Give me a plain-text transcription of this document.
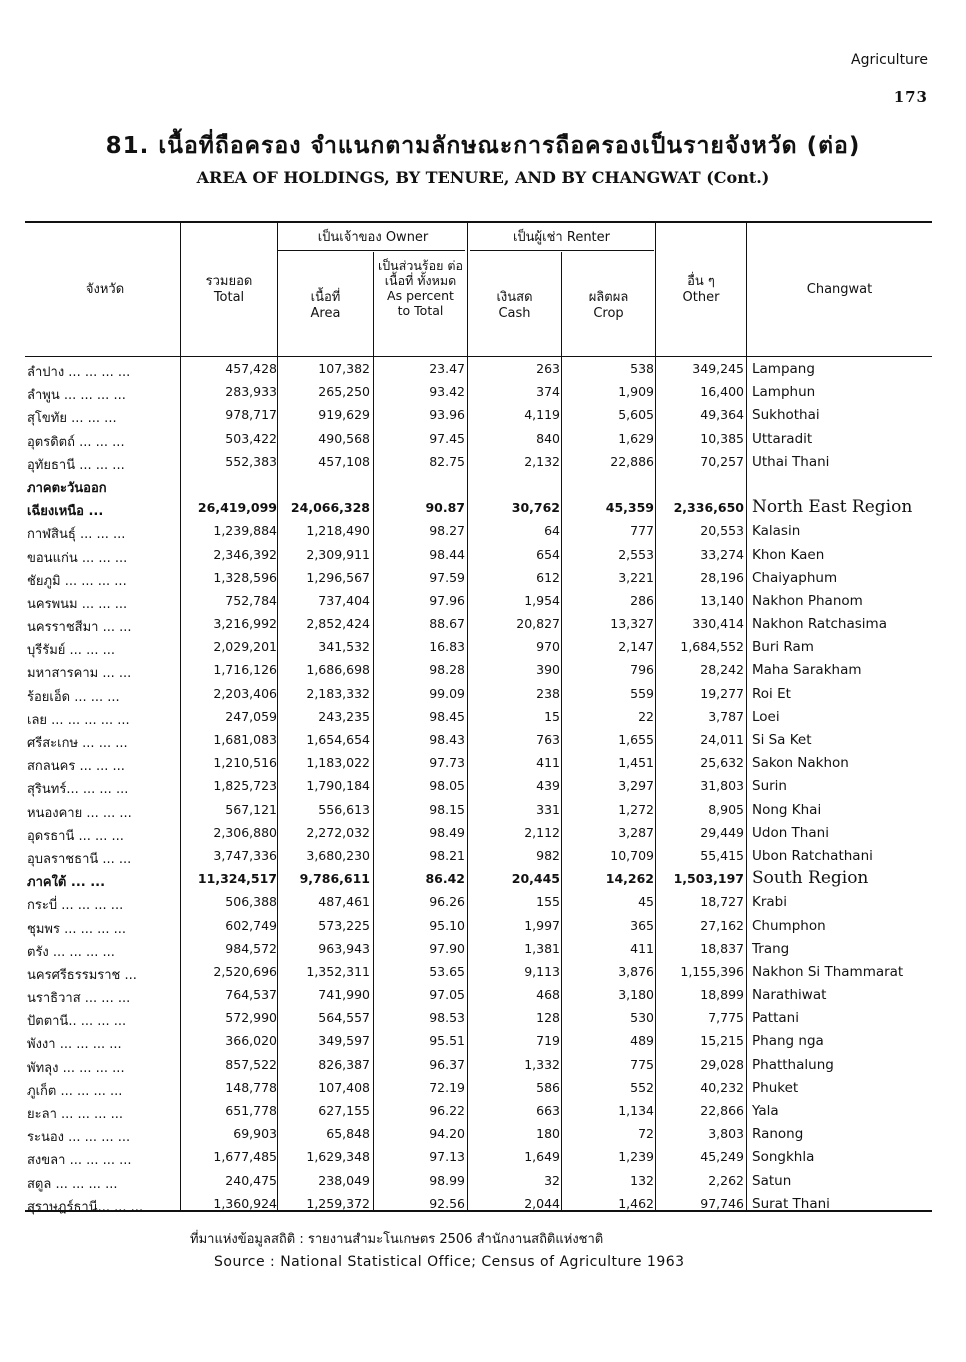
Agriculture
173
81. เนื้อที่ถือครอง จำแนกตามลักษณะการถือครองเป็นรายจังหวัด (ต่อ)
AREA OF HOLDINGS, BY TENURE, AND BY CHANGWAT (Cont.)
จังหวัด
รวมยอด
Total
เป็นเจ้าของ Owner
เนื้อที่
Area
เป็นส่วนร้อย ต่อเนื้อที่ ทั้งหมด
As percent
to Total
เป็นผู้เช่า Renter
เงินสด
Cash
ผลิตผล
Crop
อื่น ๆ
Other
Changwat
ลำปาง ... ... ... ...	457,428	107,382	23.47	263	538	349,245 Lampang
ลำพูน ... ... ... ...	283,933	265,250	93.42	374	1,909	16,400 Lamphun
สุโขทัย ... ... ...	978,717	919,629	93.96	4,119	5,605	49,364 Sukhothai
อุตรดิตถ์ ... ... ...	503,422	490,568	97.45	840	1,629	10,385 Uttaradit
อุทัยธานี ... ... ...	552,383	457,108	82.75	2,132	22,886	70,257 Uthai Thani
ภาคตะวันออก
เฉียงเหนือ ...	26,419,099 24,066,328	90.87	30,762	45,359 2,336,650 North East Region
กาฬสินธุ์ ... ... ...	1,239,884 1,218,490	98.27	64	777	20,553 Kalasin
ขอนแก่น ... ... ...	2,346,392 2,309,911	98.44	654	2,553	33,274 Khon Kaen
ชัยภูมิ ... ... ... ...	1,328,596 1,296,567	97.59	612	3,221	28,196 Chaiyaphum
นครพนม ... ... ...	752,784	737,404	97.96	1,954	286	13,140 Nakhon Phanom
นครราชสีมา ... ...	3,216,992 2,852,424	88.67	20,827	13,327	330,414 Nakhon Ratchasima
บุรีรัมย์ ... ... ...	2,029,201	341,532	16.83	970	2,147 1,684,552 Buri Ram
มหาสารคาม ... ...	1,716,126 1,686,698	98.28	390	796	28,242 Maha Sarakham
ร้อยเอ็ด ... ... ...	2,203,406 2,183,332	99.09	238	559	19,277 Roi Et
เลย ... ... ... ... ...	247,059	243,235	98.45	15	22	3,787 Loei
ศรีสะเกษ ... ... ...	1,681,083 1,654,654	98.43	763	1,655	24,011 Si Sa Ket
สกลนคร ... ... ...	1,210,516 1,183,022	97.73	411	1,451	25,632 Sakon Nakhon
สุรินทร์... ... ... ...	1,825,723 1,790,184	98.05	439	3,297	31,803 Surin
หนองคาย ... ... ...	567,121	556,613	98.15	331	1,272	8,905 Nong Khai
อุดรธานี ... ... ...	2,306,880 2,272,032	98.49	2,112	3,287	29,449 Udon Thani
อุบลราชธานี ... ...	3,747,336 3,680,230	98.21	982	10,709	55,415 Ubon Ratchathani
ภาคใต้ ... ...	11,324,517 9,786,611	86.42	20,445	14,262 1,503,197 South Region
กระบี่ ... ... ... ...	506,388	487,461	96.26	155	45	18,727 Krabi
ชุมพร ... ... ... ...	602,749	573,225	95.10	1,997	365	27,162 Chumphon
ตรัง ... ... ... ...	984,572	963,943	97.90	1,381	411	18,837 Trang
นครศรีธรรมราช ...	2,520,696 1,352,311	53.65	9,113	3,876 1,155,396 Nakhon Si Thammarat
นราธิวาส ... ... ...	764,537	741,990	97.05	468	3,180	18,899 Narathiwat
ปัตตานี.. ... ... ...	572,990	564,557	98.53	128	530	7,775 Pattani
พังงา ... ... ... ...	366,020	349,597	95.51	719	489	15,215 Phang nga
พัทลุง ... ... ... ...	857,522	826,387	96.37	1,332	775	29,028 Phatthalung
ภูเก็ต ... ... ... ...	148,778	107,408	72.19	586	552	40,232 Phuket
ยะลา ... ... ... ...	651,778	627,155	96.22	663	1,134	22,866 Yala
ระนอง ... ... ... ...	69,903	65,848	94.20	180	72	3,803 Ranong
สงขลา ... ... ... ...	1,677,485 1,629,348	97.13	1,649	1,239	45,249 Songkhla
สตูล ... ... ... ...	240,475	238,049	98.99	32	132	2,262 Satun
สุราษฎร์ธานี... ... ...	1,360,924 1,259,372	92.56	2,044	1,462	97,746 Surat Thani
ที่มาแห่งข้อมูลสถิติ : รายงานสำมะโนเกษตร 2506 สำนักงานสถิติแห่งชาติ
Source : National Statistical Office; Census of Agriculture 1963
